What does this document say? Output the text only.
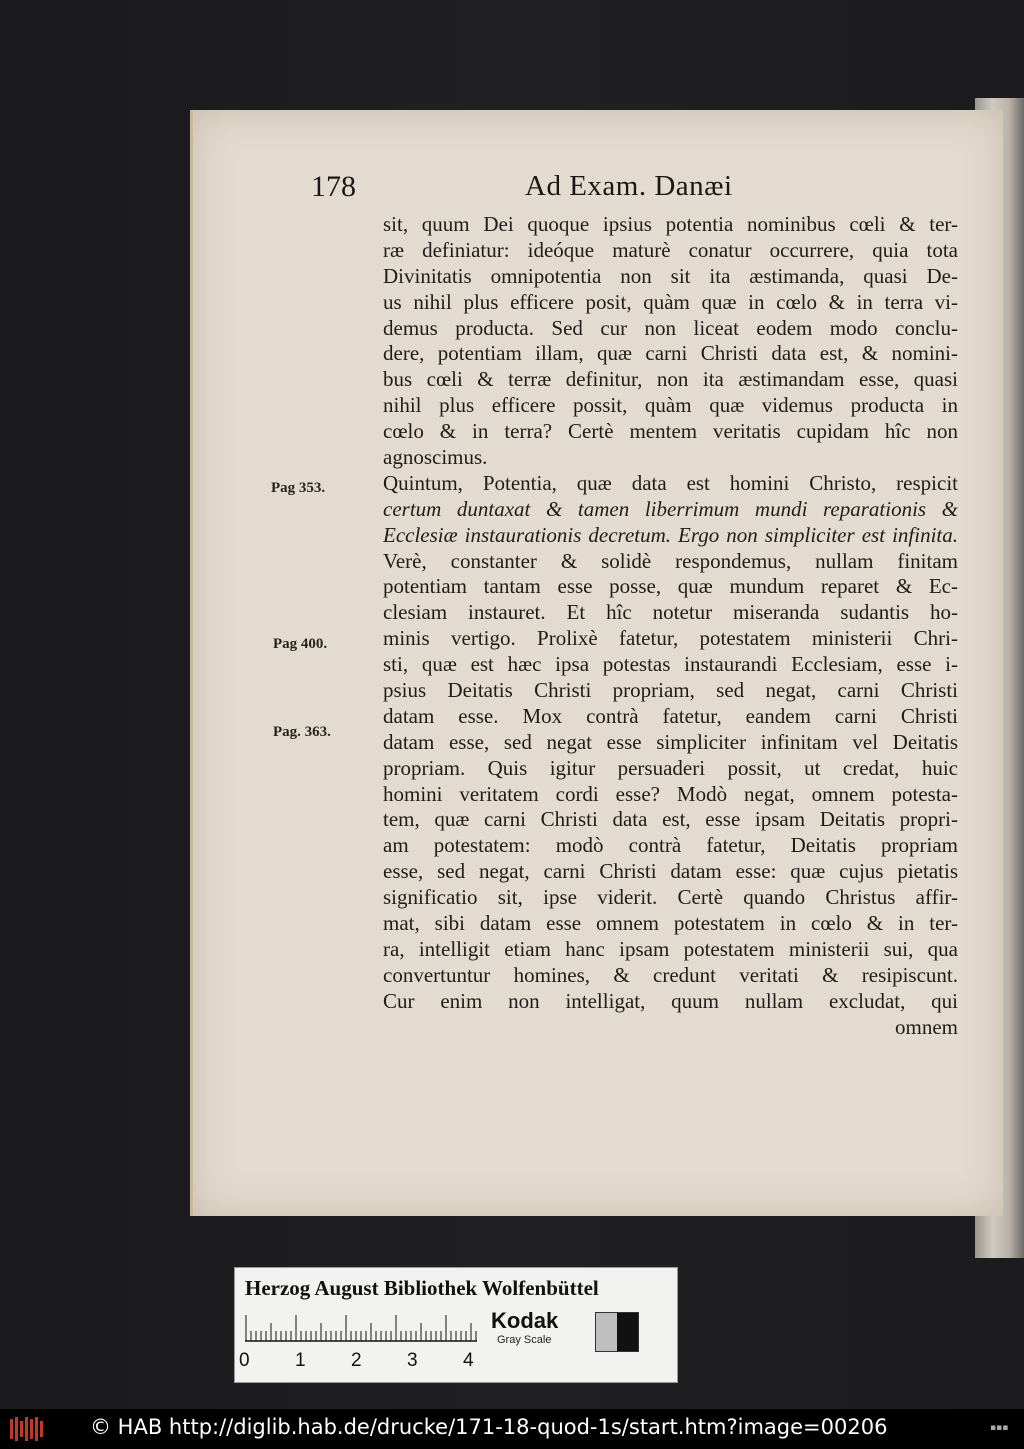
178	Ad Exam. Danæi
sit, quum Dei quoque ipsius potentia nominibus cœli & ter-
ræ definiatur: ideóque maturè conatur occurrere, quia tota
Divinitatis omnipotentia non sit ita æstimanda, quasi De-
us nihil plus efficere posit, quàm quæ in cœlo & in terra vi-
demus producta. Sed cur non liceat eodem modo conclu-
dere, potentiam illam, quæ carni Christi data est, & nomini-
bus cœli & terræ definitur, non ita æstimandam esse, quasi
nihil plus efficere possit, quàm quæ videmus producta in
cœlo & in terra? Certè mentem veritatis cupidam hîc non
agnoscimus.
Quintum, Potentia, quæ data est homini Christo, respicit
certum duntaxat & tamen liberrimum mundi reparationis &
Ecclesiæ instaurationis decretum. Ergo non simpliciter est infinita.
Verè, constanter & solidè respondemus, nullam finitam
potentiam tantam esse posse, quæ mundum reparet & Ec-
clesiam instauret. Et hîc notetur miseranda sudantis ho-
minis vertigo. Prolixè fatetur, potestatem ministerii Chri-
sti, quæ est hæc ipsa potestas instaurandi Ecclesiam, esse i-
psius Deitatis Christi propriam, sed negat, carni Christi
datam esse. Mox contrà fatetur, eandem carni Christi
datam esse, sed negat esse simpliciter infinitam vel Deitatis
propriam. Quis igitur persuaderi possit, ut credat, huic
homini veritatem cordi esse? Modò negat, omnem potesta-
tem, quæ carni Christi data est, esse ipsam Deitatis propri-
am potestatem: modò contrà fatetur, Deitatis propriam
esse, sed negat, carni Christi datam esse: quæ cujus pietatis
significatio sit, ipse viderit. Certè quando Christus affir-
mat, sibi datam esse omnem potestatem in cœlo & in ter-
ra, intelligit etiam hanc ipsam potestatem ministerii sui, qua
convertuntur homines, & credunt veritati & resipiscunt.
Cur enim non intelligat, quum nullam excludat, qui
omnem
Pag 353.
Pag 400.
Pag. 363.
Herzog August Bibliothek Wolfenbüttel
0 1 2 3 4
Kodak
Gray Scale
© HAB http://diglib.hab.de/drucke/171-18-quod-1s/start.htm?image=00206	▪▪▪
